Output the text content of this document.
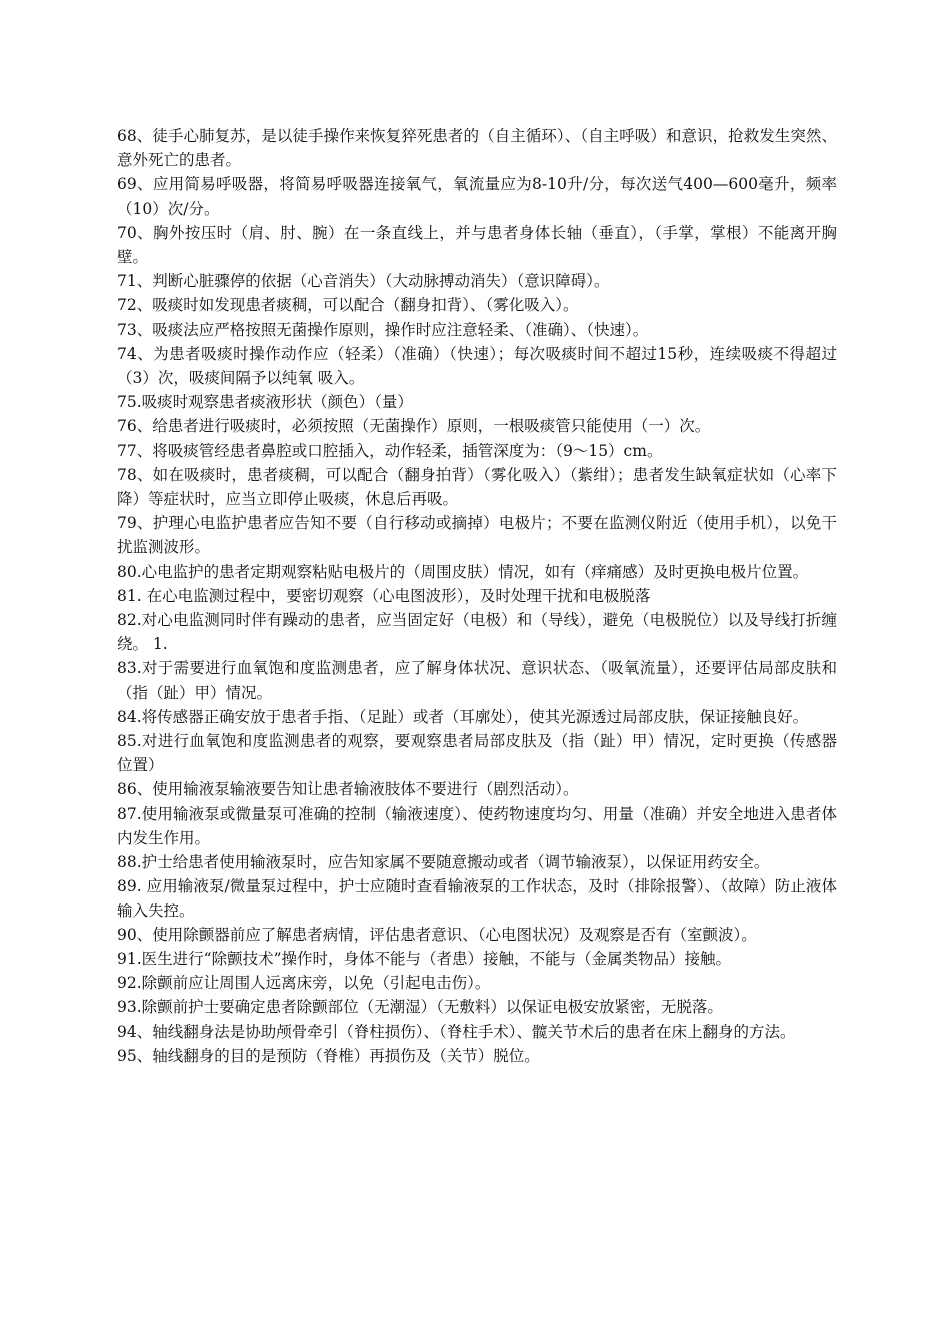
68、徒手心肺复苏，是以徒手操作来恢复猝死患者的（自主循环）、（自主呼吸）和意识，抢救发生突然、意外死亡的患者。

69、应用简易呼吸器，将简易呼吸器连接氧气，氧流量应为8-10升/分，每次送气400—600毫升，频率（10）次/分。

70、胸外按压时（肩、肘、腕）在一条直线上，并与患者身体长轴（垂直），（手掌，掌根）不能离开胸壁。

71、判断心脏骤停的依据（心音消失）（大动脉搏动消失）（意识障碍）。

72、吸痰时如发现患者痰稠，可以配合（翻身扣背）、（雾化吸入）。

73、吸痰法应严格按照无菌操作原则，操作时应注意轻柔、（准确）、（快速）。

74、为患者吸痰时操作动作应（轻柔）（准确）（快速）；每次吸痰时间不超过15秒，连续吸痰不得超过（3）次，吸痰间隔予以纯氧 吸入。

75.吸痰时观察患者痰液形状（颜色）（量）

76、给患者进行吸痰时，必须按照（无菌操作）原则，一根吸痰管只能使用（一）次。

77、将吸痰管经患者鼻腔或口腔插入，动作轻柔，插管深度为：（9～15）cm。

78、如在吸痰时，患者痰稠，可以配合（翻身拍背）（雾化吸入）（紫绀）；患者发生缺氧症状如（心率下降）等症状时，应当立即停止吸痰，休息后再吸。

79、护理心电监护患者应告知不要（自行移动或摘掉）电极片；不要在监测仪附近（使用手机），以免干扰监测波形。

80.心电监护的患者定期观察粘贴电极片的（周围皮肤）情况，如有（痒痛感）及时更换电极片位置。

81. 在心电监测过程中，要密切观察（心电图波形），及时处理干扰和电极脱落

82.对心电监测同时伴有躁动的患者，应当固定好（电极）和（导线），避免（电极脱位）以及导线打折缠绕。 1.

83.对于需要进行血氧饱和度监测患者，应了解身体状况、意识状态、（吸氧流量），还要评估局部皮肤和（指（趾）甲）情况。

84.将传感器正确安放于患者手指、（足趾）或者（耳廓处），使其光源透过局部皮肤，保证接触良好。

85.对进行血氧饱和度监测患者的观察，要观察患者局部皮肤及（指（趾）甲）情况，定时更换（传感器位置）

86、使用输液泵输液要告知让患者输液肢体不要进行（剧烈活动）。

87.使用输液泵或微量泵可准确的控制（输液速度）、使药物速度均匀、用量（准确）并安全地进入患者体内发生作用。

88.护士给患者使用输液泵时，应告知家属不要随意搬动或者（调节输液泵），以保证用药安全。

89. 应用输液泵/微量泵过程中，护士应随时查看输液泵的工作状态，及时（排除报警）、（故障）防止液体输入失控。

90、使用除颤器前应了解患者病情，评估患者意识、（心电图状况）及观察是否有（室颤波）。

91.医生进行“除颤技术”操作时，身体不能与（者患）接触，不能与（金属类物品）接触。

92.除颤前应让周围人远离床旁，以免（引起电击伤）。

93.除颤前护士要确定患者除颤部位（无潮湿）（无敷料）以保证电极安放紧密，无脱落。

94、轴线翻身法是协助颅骨牵引（脊柱损伤）、（脊柱手术）、髋关节术后的患者在床上翻身的方法。

95、轴线翻身的目的是预防（脊椎）再损伤及（关节）脱位。
